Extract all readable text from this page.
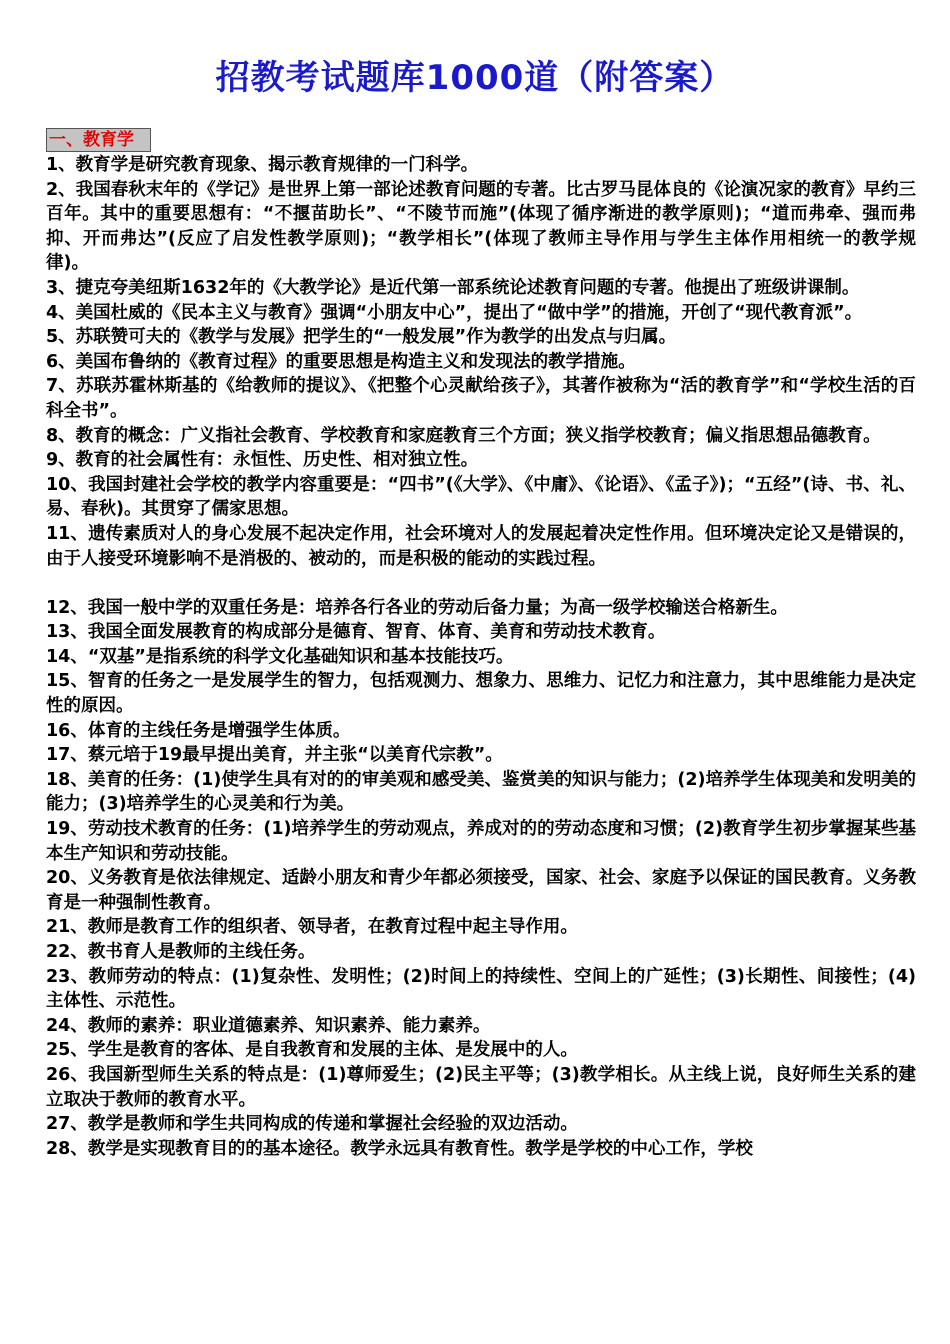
招教考试题库1000道（附答案）
一、教育学

1、教育学是研究教育现象、揭示教育规律的一门科学。

2、我国春秋末年的《学记》是世界上第一部论述教育问题的专著。比古罗马昆体良的《论演况家的教育》早约三百年。其中的重要思想有：“不揠苗助长”、“不陵节而施”(体现了循序渐进的教学原则)；“道而弗牵、强而弗抑、开而弗达”(反应了启发性教学原则)；“教学相长”(体现了教师主导作用与学生主体作用相统一的教学规律)。

3、捷克夸美纽斯1632年的《大教学论》是近代第一部系统论述教育问题的专著。他提出了班级讲课制。

4、美国杜威的《民本主义与教育》强调“小朋友中心”，提出了“做中学”的措施，开创了“现代教育派”。

5、苏联赞可夫的《教学与发展》把学生的“一般发展”作为教学的出发点与归属。

6、美国布鲁纳的《教育过程》的重要思想是构造主义和发现法的教学措施。

7、苏联苏霍林斯基的《给教师的提议》、《把整个心灵献给孩子》，其著作被称为“活的教育学”和“学校生活的百科全书”。

8、教育的概念：广义指社会教育、学校教育和家庭教育三个方面；狭义指学校教育；偏义指思想品德教育。

9、教育的社会属性有：永恒性、历史性、相对独立性。

10、我国封建社会学校的教学内容重要是：“四书”(《大学》、《中庸》、《论语》、《孟子》)；“五经”(诗、书、礼、易、春秋)。其贯穿了儒家思想。

11、遗传素质对人的身心发展不起决定作用，社会环境对人的发展起着决定性作用。但环境决定论又是错误的，由于人接受环境影响不是消极的、被动的，而是积极的能动的实践过程。

12、我国一般中学的双重任务是：培养各行各业的劳动后备力量；为高一级学校输送合格新生。

13、我国全面发展教育的构成部分是德育、智育、体育、美育和劳动技术教育。

14、“双基”是指系统的科学文化基础知识和基本技能技巧。

15、智育的任务之一是发展学生的智力，包括观测力、想象力、思维力、记忆力和注意力，其中思维能力是决定性的原因。

16、体育的主线任务是增强学生体质。

17、蔡元培于19最早提出美育，并主张“以美育代宗教”。

18、美育的任务：(1)使学生具有对的的审美观和感受美、鉴赏美的知识与能力；(2)培养学生体现美和发明美的能力；(3)培养学生的心灵美和行为美。

19、劳动技术教育的任务：(1)培养学生的劳动观点，养成对的的劳动态度和习惯；(2)教育学生初步掌握某些基本生产知识和劳动技能。

20、义务教育是依法律规定、适龄小朋友和青少年都必须接受，国家、社会、家庭予以保证的国民教育。义务教育是一种强制性教育。

21、教师是教育工作的组织者、领导者，在教育过程中起主导作用。

22、教书育人是教师的主线任务。

23、教师劳动的特点：(1)复杂性、发明性；(2)时间上的持续性、空间上的广延性；(3)长期性、间接性；(4)主体性、示范性。

24、教师的素养：职业道德素养、知识素养、能力素养。

25、学生是教育的客体、是自我教育和发展的主体、是发展中的人。

26、我国新型师生关系的特点是：(1)尊师爱生；(2)民主平等；(3)教学相长。从主线上说，良好师生关系的建立取决于教师的教育水平。

27、教学是教师和学生共同构成的传递和掌握社会经验的双边活动。

28、教学是实现教育目的的基本途径。教学永远具有教育性。教学是学校的中心工作，学校
